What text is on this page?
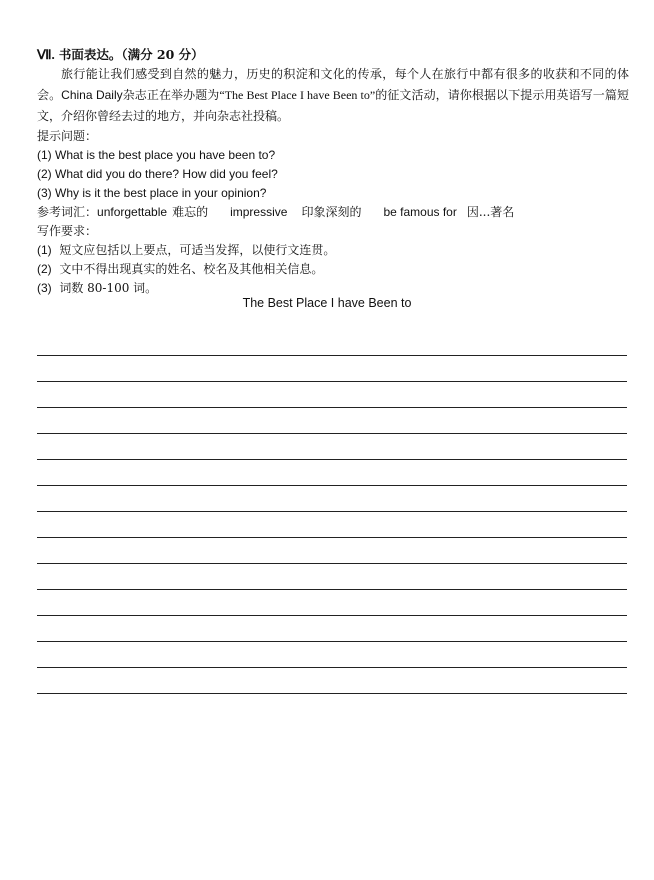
Ⅶ. 书面表达。（满分 20 分）
旅行能让我们感受到自然的魅力，历史的积淀和文化的传承，每个人在旅行中都有很多的收获和不同的体会。China Daily杂志正在举办题为“The Best Place I have Been to”的征文活动，请你根据以下提示用英语写一篇短文，介绍你曾经去过的地方，并向杂志社投稿。
提示问题：
(1) What is the best place you have been to?
(2) What did you do there? How did you feel?
(3) Why is it the best place in your opinion?
参考词汇：unforgettable 难忘的 impressive 印象深刻的 be famous for 因...著名
写作要求：
(1) 短文应包括以上要点，可适当发挥，以使行文连贯。
(2) 文中不得出现真实的姓名、校名及其他相关信息。
(3) 词数 80-100 词。
The Best Place I have Been to
